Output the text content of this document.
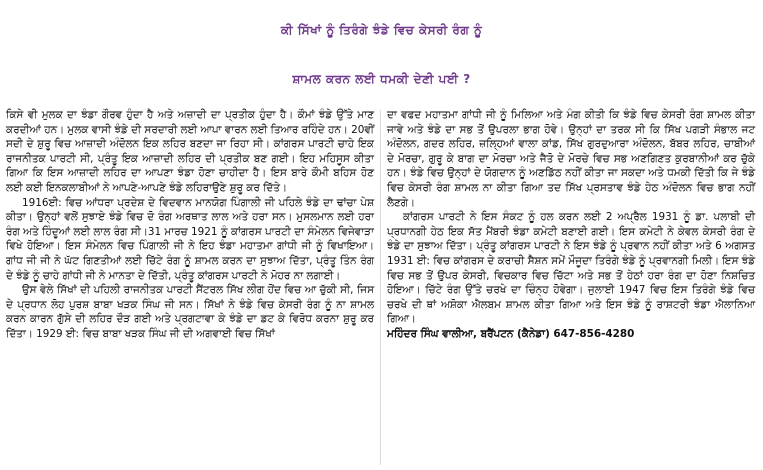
ਕੀ ਸਿੱਖਾਂ ਨੂੰ ਤਿਰੰਗੇ ਝੰਡੇ ਵਿਚ ਕੇਸਰੀ ਰੰਗ ਨੂੰ
ਸ਼ਾਮਲ ਕਰਨ ਲਈ ਧਮਕੀ ਦੇਣੀ ਪਈ ?

ਕਿਸੇ ਵੀ ਮੁਲਕ ਦਾ ਝੰਡਾ ਗੌਰਵ ਹੁੰਦਾ ਹੈ ਅਤੇ ਅਜ਼ਾਦੀ ਦਾ ਪ੍ਰਤੀਕ ਹੁੰਦਾ ਹੈ। ਕੌਮਾਂ ਝੰਡੇ ਉੱਤੇ ਮਾਣ ਕਰਦੀਆਂ ਹਨ। ਮੁਲਕ ਵਾਸੀ ਝੰਡੇ ਦੀ ਸਰਦਾਰੀ ਲਈ ਆਪਾ ਵਾਰਨ ਲਈ ਤਿਆਰ ਰਹਿੰਦੇ ਹਨ। 20ਵੀਂ ਸਦੀ ਦੇ ਸ਼ੁਰੂ ਵਿਚ ਆਜ਼ਾਦੀ ਅੰਦੋਲਨ ਇਕ ਲਹਿਰ ਬਣਦਾ ਜਾ ਰਿਹਾ ਸੀ। ਕਾਂਗਰਸ ਪਾਰਟੀ ਚਾਹੇ ਇਕ ਰਾਜਨੀਤਕ ਪਾਰਟੀ ਸੀ, ਪ੍ਰੰਤੂ ਇਕ ਆਜ਼ਾਦੀ ਲਹਿਰ ਦੀ ਪ੍ਰਤੀਕ ਬਣ ਗਈ। ਇਹ ਮਹਿਸੂਸ ਕੀਤਾ ਗਿਆ ਕਿ ਇਸ ਆਜ਼ਾਦੀ ਲਹਿਰ ਦਾ ਆਪਣਾ ਝੰਡਾ ਹੋਣਾ ਚਾਹੀਦਾ ਹੈ। ਇਸ ਬਾਰੇ ਕੌਮੀ ਬਹਿਸ ਹੋਣ ਲਈ ਕਈ ਇਨਕਲਾਬੀਆਂ ਨੇ ਆਪਣੇ-ਆਪਣੇ ਝੰਡੇ ਲਹਿਰਾਉਣੇ ਸ਼ੁਰੂ ਕਰ ਦਿੱਤੇ।

1916ਈ: ਵਿਚ ਆਂਧਰਾ ਪ੍ਰਦੇਸ਼ ਦੇ ਵਿਦਵਾਨ ਮਾਨਯੋਗ ਪਿੰਗਾਲੀ ਜੀ ਪਹਿਲੇ ਝੰਡੇ ਦਾ ਢਾਂਚਾ ਪੇਸ਼ ਕੀਤਾ। ਉਨ੍ਹਾਂ ਵਲੋਂ ਸੁਝਾਏ ਝੰਡੇ ਵਿਚ ਦੋ ਰੰਗ ਅਰਥਾਤ ਲਾਲ ਅਤੇ ਹਰਾ ਸਨ। ਮੁਸਲਮਾਨ ਲਈ ਹਰਾ ਰੰਗ ਅਤੇ ਹਿੰਦੂਆਂ ਲਈ ਲਾਲ ਰੰਗ ਸੀ।31 ਮਾਰਚ 1921 ਨੂੰ ਕਾਂਗਰਸ ਪਾਰਟੀ ਦਾ ਸੰਮੇਲਨ ਵਿਜੇਵਾੜਾ ਵਿਖੇ ਹੋਇਆ। ਇਸ ਸੰਮੇਲਨ ਵਿਚ ਪਿੰਗਾਲੀ ਜੀ ਨੇ ਇਹ ਝੰਡਾ ਮਹਾਤਮਾ ਗਾਂਧੀ ਜੀ ਨੂੰ ਵਿਖਾਇਆ। ਗਾਂਧ ਜੀ ਜੀ ਨੇ ਘੱਟ ਗਿਣਤੀਆਂ ਲਈ ਚਿੱਟੇ ਰੰਗ ਨੂੰ ਸ਼ਾਮਲ ਕਰਨ ਦਾ ਸੁਝਾਅ ਦਿੱਤਾ, ਪ੍ਰੰਤੂ ਤਿੰਨ ਰੰਗ ਦੇ ਝੰਡੇ ਨੂੰ ਚਾਹੇ ਗਾਂਧੀ ਜੀ ਨੇ ਮਾਨਤਾ ਦੇ ਦਿੱਤੀ, ਪ੍ਰੰਤੂ ਕਾਂਗਰਸ ਪਾਰਟੀ ਨੇ ਮੋਹਰ ਨਾ ਲਗਾਈ।

ਉਸ ਵੇਲੇ ਸਿੱਖਾਂ ਦੀ ਪਹਿਲੀ ਰਾਜਨੀਤਕ ਪਾਰਟੀ ਸੈਂਟਰਲ ਸਿੱਖ ਲੀਗ ਹੋਂਦ ਵਿਚ ਆ ਚੁੱਕੀ ਸੀ, ਜਿਸ ਦੇ ਪ੍ਰਧਾਨ ਲੋਹ ਪੁਰਸ਼ ਬਾਬਾ ਖੜਕ ਸਿੰਘ ਜੀ ਸਨ। ਸਿੱਖਾਂ ਨੇ ਝੰਡੇ ਵਿਚ ਕੇਸਰੀ ਰੰਗ ਨੂੰ ਨਾ ਸ਼ਾਮਲ ਕਰਨ ਕਾਰਨ ਗੁੱਸੇ ਦੀ ਲਹਿਰ ਦੌੜ ਗਈ ਅਤੇ ਪ੍ਰਗਟਾਵਾ ਕੇ ਝੰਡੇ ਦਾ ਡਟ ਕੇ ਵਿਰੋਧ ਕਰਨਾ ਸ਼ੁਰੂ ਕਰ ਦਿੱਤਾ। 1929 ਈ: ਵਿਚ ਬਾਬਾ ਖੜਕ ਸਿੰਘ ਜੀ ਦੀ ਅਗਵਾਈ ਵਿਚ ਸਿੱਖਾਂ

ਦਾ ਵਫਦ ਮਹਾਤਮਾ ਗਾਂਧੀ ਜੀ ਨੂੰ ਮਿਲਿਆ ਅਤੇ ਮੰਗ ਕੀਤੀ ਕਿ ਝੰਡੇ ਵਿਚ ਕੇਸਰੀ ਰੰਗ ਸ਼ਾਮਲ ਕੀਤਾ ਜਾਵੇ ਅਤੇ ਝੰਡੇ ਦਾ ਸਭ ਤੋਂ ਉਪਰਲਾ ਭਾਗ ਹੋਵੇ। ਉਨ੍ਹਾਂ ਦਾ ਤਰਕ ਸੀ ਕਿ ਸਿੱਖ ਪਗੜੀ ਸੰਭਾਲ ਜਟ ਅੰਦੋਲਨ, ਗਦਰ ਲਹਿਰ, ਜ਼ਲ੍ਹਿਆਂ ਵਾਲਾ ਕਾਂਡ, ਸਿੱਖ ਗੁਰਦੁਆਰਾ ਅੰਦੋਲਨ, ਬੱਬਰ ਲਹਿਰ, ਚਾਬੀਆਂ ਦੇ ਮੋਰਚਾ, ਗੁਰੂ ਕੇ ਬਾਗ ਦਾ ਮੋਰਚਾ ਅਤੇ ਜੈਤੋ ਦੇ ਮੋਰਚੇ ਵਿਚ ਸਭ ਅਣਗਿਣਤ ਕੁਰਬਾਨੀਆਂ ਕਰ ਚੁੱਕੇ ਹਨ। ਝੰਡੇ ਵਿਚ ਉਨ੍ਹਾਂ ਦੇ ਯੋਗਦਾਨ ਨੂੰ ਅਣਡਿੱਠ ਨਹੀਂ ਕੀਤਾ ਜਾ ਸਕਦਾ ਅਤੇ ਧਮਕੀ ਦਿੱਤੀ ਕਿ ਜੇ ਝੰਡੇ ਵਿਚ ਕੇਸਰੀ ਰੰਗ ਸ਼ਾਮਲ ਨਾ ਕੀਤਾ ਗਿਆ ਤਦ ਸਿੱਖ ਪ੍ਰਸਤਾਵ ਝੰਡੇ ਹੇਠ ਅੰਦੋਲਨ ਵਿਚ ਭਾਗ ਨਹੀਂ ਲੈਣਗੇ।

ਕਾਂਗਰਸ ਪਾਰਟੀ ਨੇ ਇਸ ਸੰਕਟ ਨੂੰ ਹਲ ਕਰਨ ਲਈ 2 ਅਪ੍ਰੈਲ 1931 ਨੂੰ ਡਾ. ਪਲਾਬੀ ਦੀ ਪ੍ਰਧਾਨਗੀ ਹੇਠ ਇਕ ਸੱਤ ਮੈਂਬਰੀ ਝੰਡਾ ਕਮੇਟੀ ਬਣਾਈ ਗਈ। ਇਸ ਕਮੇਟੀ ਨੇ ਕੇਵਲ ਕੇਸਰੀ ਰੰਗ ਦੇ ਝੰਡੇ ਦਾ ਸੁਝਾਅ ਦਿੱਤਾ। ਪ੍ਰੰਤੂ ਕਾਂਗਰਸ ਪਾਰਟੀ ਨੇ ਇਸ ਝੰਡੇ ਨੂੰ ਪ੍ਰਵਾਨ ਨਹੀਂ ਕੀਤਾ ਅਤੇ 6 ਅਗਸਤ 1931 ਈ: ਵਿਚ ਕਾਂਗਰਸ ਦੇ ਕਰਾਚੀ ਸੈਸ਼ਨ ਸਮੇਂ ਮੌਜੂਦਾ ਤਿਰੰਗੇ ਝੰਡੇ ਨੂੰ ਪ੍ਰਵਾਨਗੀ ਮਿਲੀ। ਇਸ ਝੰਡੇ ਵਿਚ ਸਭ ਤੋਂ ਉਪਰ ਕੇਸਰੀ, ਵਿਚਕਾਰ ਵਿਚ ਚਿੱਟਾ ਅਤੇ ਸਭ ਤੋਂ ਹੇਠਾਂ ਹਰਾ ਰੰਗ ਦਾ ਹੋਣਾ ਨਿਸ਼ਚਿਤ ਹੋਇਆ। ਚਿੱਟੇ ਰੰਗ ਉੱਤੇ ਚਰਖੇ ਦਾ ਚਿੰਨ੍ਹ ਹੋਵੇਗਾ। ਜੁਲਾਈ 1947 ਵਿਚ ਇਸ ਤਿਰੰਗੇ ਝੰਡੇ ਵਿਚ ਚਰਖੇ ਦੀ ਥਾਂ ਅਸ਼ੋਕਾ ਐਲਬਮ ਸ਼ਾਮਲ ਕੀਤਾ ਗਿਆ ਅਤੇ ਇਸ ਝੰਡੇ ਨੂੰ ਰਾਸ਼ਟਰੀ ਝੰਡਾ ਐਲਾਨਿਆ ਗਿਆ।

ਮਹਿੰਦਰ ਸਿੰਘ ਵਾਲੀਆ, ਬਰੈਂਪਟਨ (ਕੈਨੇਡਾ) 647-856-4280
